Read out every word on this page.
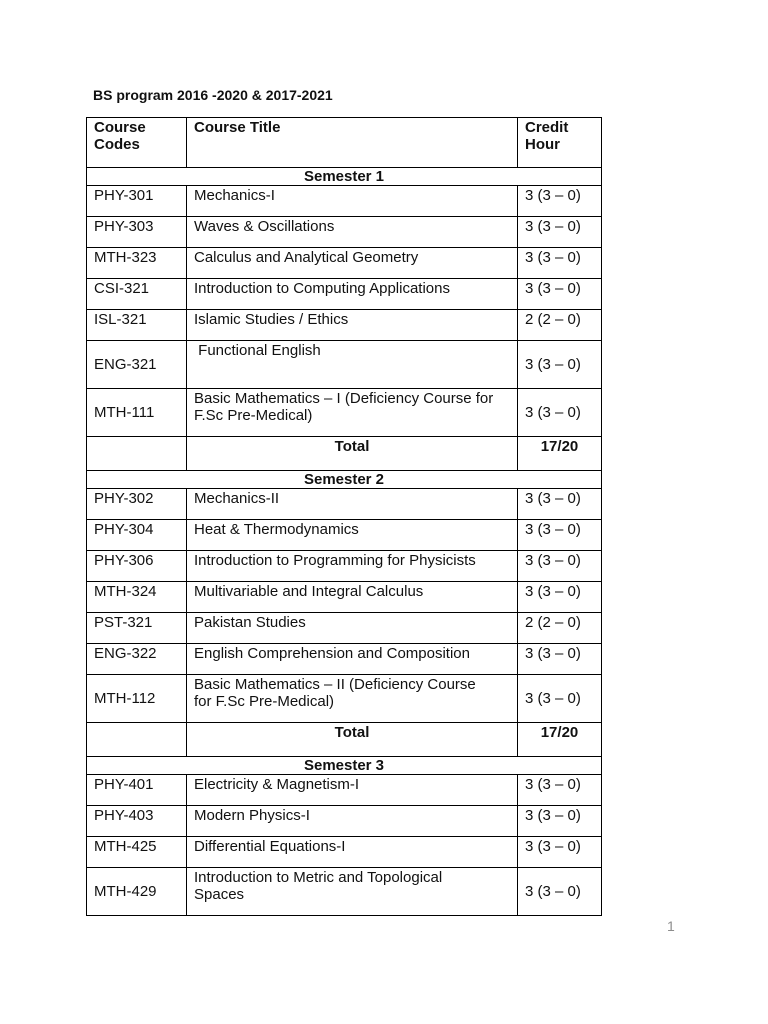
BS program 2016 -2020 & 2017-2021
Course Codes	Course Title	Credit Hour
Semester 1		
PHY-301	Mechanics-I	3 (3 – 0)
PHY-303	Waves & Oscillations	3 (3 – 0)
MTH-323	Calculus and Analytical Geometry	3 (3 – 0)
CSI-321	Introduction to Computing Applications	3 (3 – 0)
ISL-321	Islamic Studies / Ethics	2 (2 – 0)
ENG-321	Functional English	3 (3 – 0)
MTH-111	Basic Mathematics – I (Deficiency Course for F.Sc Pre-Medical)	3 (3 – 0)
	Total	17/20
Semester 2		
PHY-302	Mechanics-II	3 (3 – 0)
PHY-304	Heat & Thermodynamics	3 (3 – 0)
PHY-306	Introduction to Programming for Physicists	3 (3 – 0)
MTH-324	Multivariable and Integral Calculus	3 (3 – 0)
PST-321	Pakistan Studies	2 (2 – 0)
ENG-322	English Comprehension and Composition	3 (3 – 0)
MTH-112	Basic Mathematics – II (Deficiency Course for F.Sc Pre-Medical)	3 (3 – 0)
	Total	17/20
Semester 3		
PHY-401	Electricity & Magnetism-I	3 (3 – 0)
PHY-403	Modern Physics-I	3 (3 – 0)
MTH-425	Differential Equations-I	3 (3 – 0)
MTH-429	Introduction to Metric and Topological Spaces	3 (3 – 0)
1
